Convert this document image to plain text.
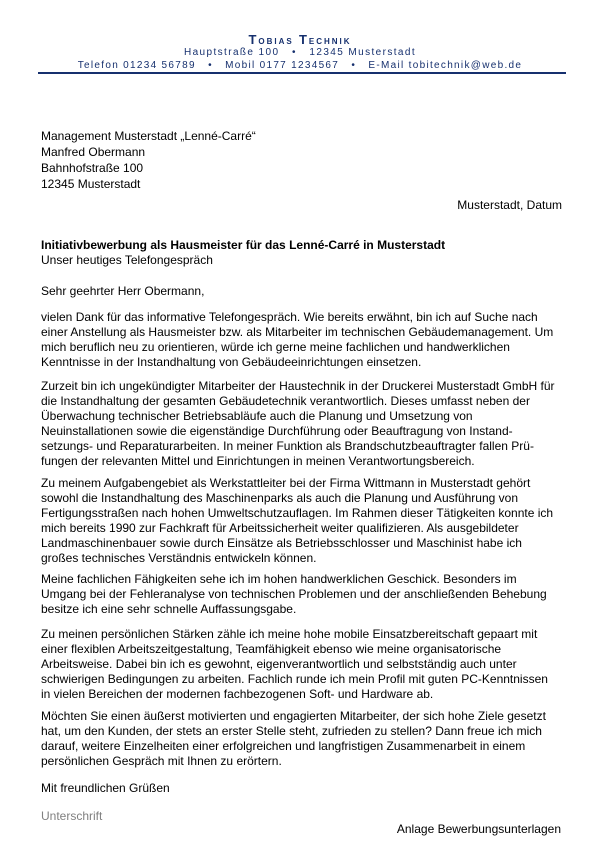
Tobias Technik
Hauptstraße 100   •   12345 Musterstadt
Telefon 01234 56789   •   Mobil 0177 1234567   •   E-Mail tobitechnik@web.de
Management Musterstadt „Lenné-Carré“
Manfred Obermann
Bahnhofstraße 100
12345 Musterstadt
Musterstadt, Datum
Initiativbewerbung als Hausmeister für das Lenné-Carré in Musterstadt
Unser heutiges Telefongespräch
Sehr geehrter Herr Obermann,
vielen Dank für das informative Telefongespräch. Wie bereits erwähnt, bin ich auf Suche nach
einer Anstellung als Hausmeister bzw. als Mitarbeiter im technischen Gebäudemanagement. Um
mich beruflich neu zu orientieren, würde ich gerne meine fachlichen und handwerklichen
Kenntnisse in der Instandhaltung von Gebäudeeinrichtungen einsetzen.
Zurzeit bin ich ungekündigter Mitarbeiter der Haustechnik in der Druckerei Musterstadt GmbH für
die Instandhaltung der gesamten Gebäudetechnik verantwortlich. Dieses umfasst neben der
Überwachung technischer Betriebsabläufe auch die Planung und Umsetzung von
Neuinstallationen sowie die eigenständige Durchführung oder Beauftragung von Instand-
setzungs- und Reparaturarbeiten. In meiner Funktion als Brandschutzbeauftragter fallen Prü-
fungen der relevanten Mittel und Einrichtungen in meinen Verantwortungsbereich.
Zu meinem Aufgabengebiet als Werkstattleiter bei der Firma Wittmann in Musterstadt gehört
sowohl die Instandhaltung des Maschinenparks als auch die Planung und Ausführung von
Fertigungsstraßen nach hohen Umweltschutzauflagen. Im Rahmen dieser Tätigkeiten konnte ich
mich bereits 1990 zur Fachkraft für Arbeitssicherheit weiter qualifizieren. Als ausgebildeter
Landmaschinenbauer sowie durch Einsätze als Betriebsschlosser und Maschinist habe ich
großes technisches Verständnis entwickeln können.
Meine fachlichen Fähigkeiten sehe ich im hohen handwerklichen Geschick. Besonders im
Umgang bei der Fehleranalyse von technischen Problemen und der anschließenden Behebung
besitze ich eine sehr schnelle Auffassungsgabe.
Zu meinen persönlichen Stärken zähle ich meine hohe mobile Einsatzbereitschaft gepaart mit
einer flexiblen Arbeitszeitgestaltung, Teamfähigkeit ebenso wie meine organisatorische
Arbeitsweise. Dabei bin ich es gewohnt, eigenverantwortlich und selbstständig auch unter
schwierigen Bedingungen zu arbeiten. Fachlich runde ich mein Profil mit guten PC-Kenntnissen
in vielen Bereichen der modernen fachbezogenen Soft- und Hardware ab.
Möchten Sie einen äußerst motivierten und engagierten Mitarbeiter, der sich hohe Ziele gesetzt
hat, um den Kunden, der stets an erster Stelle steht, zufrieden zu stellen? Dann freue ich mich
darauf, weitere Einzelheiten einer erfolgreichen und langfristigen Zusammenarbeit in einem
persönlichen Gespräch mit Ihnen zu erörtern.
Mit freundlichen Grüßen
Unterschrift
Anlage Bewerbungsunterlagen
